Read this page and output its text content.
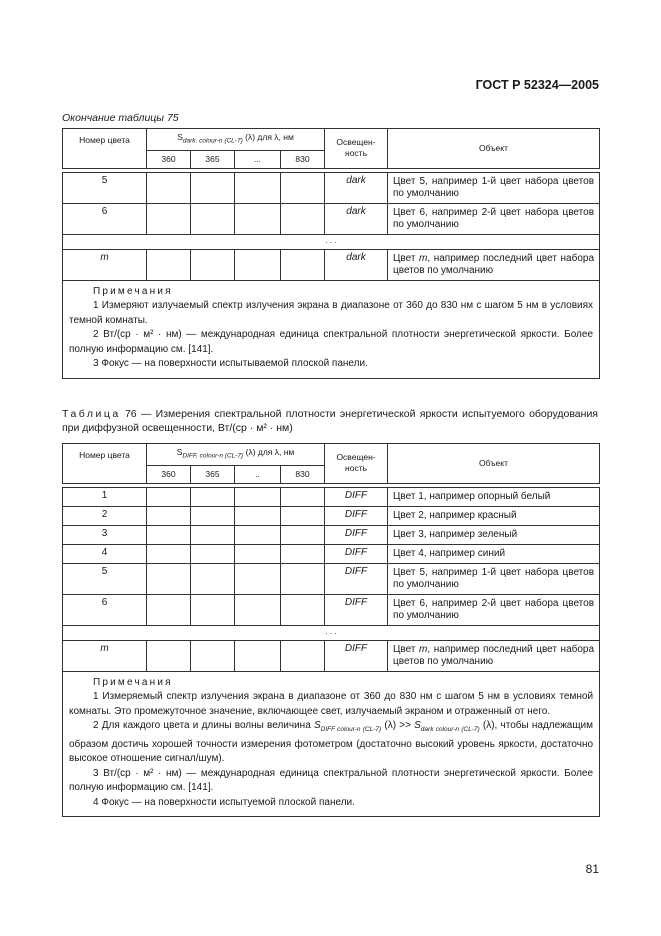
ГОСТ Р 52324—2005
Окончание таблицы 75
Номер цвета	$S_{dark. colour-n (CL-7)}$ (λ) для λ, нм				Освещен-ность	Объект
	360	365	...	830		

5					dark	Цвет 5, например 1-й цвет набора цветов по умолчанию
6					dark	Цвет 6, например 2-й цвет набора цветов по умолчанию
. . .						
m					dark	Цвет m, например последний цвет набора цветов по умолчанию

Примечания
1 Измеряют излучаемый спектр излучения экрана в диапазоне от 360 до 830 нм с шагом 5 нм в условиях темной комнаты.
2 Вт/(ср · м² · нм) — международная единица спектральной плотности энергетической яркости. Более полную информацию см. [141].
3 Фокус — на поверхности испытываемой плоской панели.						
Таблица 76 — Измерения спектральной плотности энергетической яркости испытуемого оборудования при диффузной освещенности, Вт/(ср · м² · нм)
Номер цвета	$S_{DIFF, colour-n (CL-7)}$ (λ) для λ, нм				Освещен-ность	Объект
	360	365	..	830		

1					DIFF	Цвет 1, например опорный белый
2					DIFF	Цвет 2, например красный
3					DIFF	Цвет 3, например зеленый
4					DIFF	Цвет 4, например синий
5					DIFF	Цвет 5, например 1-й цвет набора цветов по умолчанию
6					DIFF	Цвет 6, например 2-й цвет набора цветов по умолчанию
. . .						
m					DIFF	Цвет m, например последний цвет набора цветов по умолчанию

Примечания
1 Измеряемый спектр излучения экрана в диапазоне от 360 до 830 нм с шагом 5 нм в условиях темной комнаты. Это промежуточное значение, включающее свет, излучаемый экраном и отраженный от него.
2 Для каждого цвета и длины волны величина $S_{DIFF colour-n (CL-7)}$ $(\lambda) >> S_{dark colour-n (CL-7)}$ (λ), чтобы надлежащим образом достичь хорошей точности измерения фотометром (достаточно высокий уровень яркости, достаточно высокое отношение сигнал/шум).
3 Вт/(ср · м² · нм) — международная единица спектральной плотности энергетической яркости. Более полную информацию см. [141].
4 Фокус — на поверхности испытуемой плоской панели.						
81
